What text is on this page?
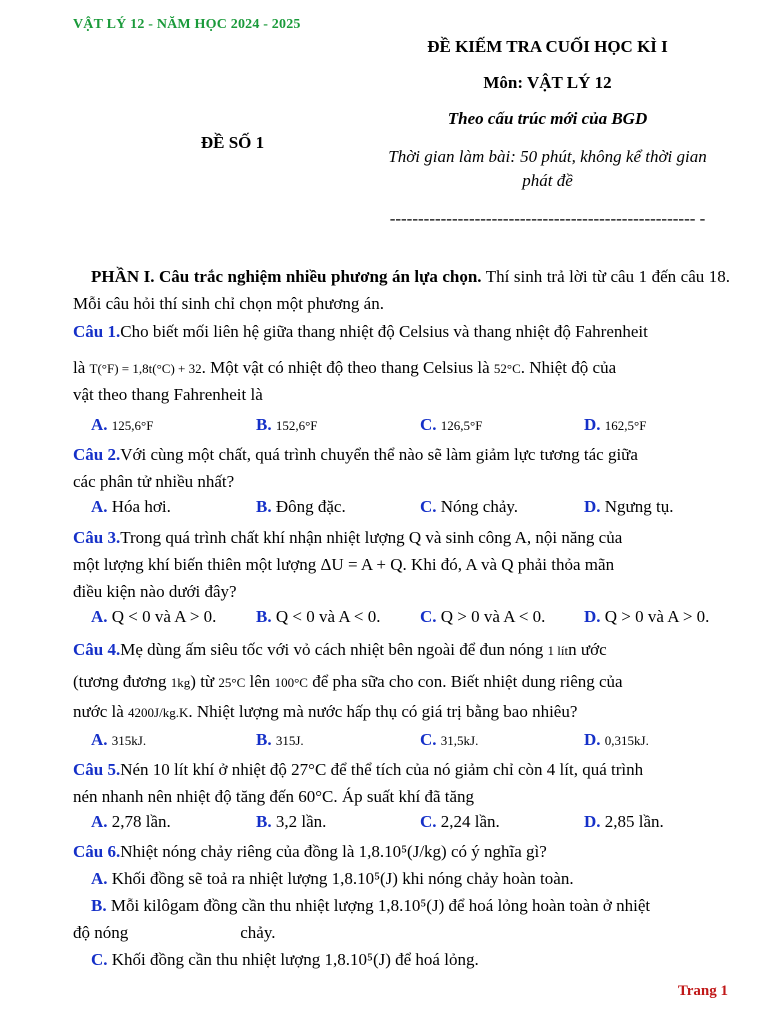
VẬT LÝ 12 - NĂM HỌC 2024 - 2025
ĐỀ KIẾM TRA CUỐI HỌC KÌ I
Môn: VẬT LÝ 12
Theo cấu trúc mới của BGD
Thời gian làm bài: 50 phút, không kể thời gian phát đề
------------------------------------------------------ -
ĐỀ SỐ 1
PHẦN I. Câu trắc nghiệm nhiều phương án lựa chọn. Thí sinh trả lời từ câu 1 đến câu 18. Mỗi câu hỏi thí sinh chỉ chọn một phương án.
Câu 1.Cho biết mối liên hệ giữa thang nhiệt độ Celsius và thang nhiệt độ Fahrenheit
là T(°F) = 1,8t(°C) + 32. Một vật có nhiệt độ theo thang Celsius là 52°C. Nhiệt độ của
vật theo thang Fahrenheit là
A. 125,6°F	B. 152,6°F	C. 126,5°F	D. 162,5°F
Câu 2.Với cùng một chất, quá trình chuyển thể nào sẽ làm giảm lực tương tác giữa
các phân tử nhiều nhất?
A. Hóa hơi.	B. Đông đặc.	C. Nóng chảy.	D. Ngưng tụ.
Câu 3.Trong quá trình chất khí nhận nhiệt lượng Q và sinh công A, nội năng của
một lượng khí biến thiên một lượng ΔU = A + Q. Khi đó, A và Q phải thỏa mãn
điều kiện nào dưới đây?
A. Q < 0 và A > 0. B. Q < 0 và A < 0. C. Q > 0 và A < 0. D. Q > 0 và A > 0.
Câu 4.Mẹ dùng ấm siêu tốc với vỏ cách nhiệt bên ngoài để đun nóng 1 lítn ước
(tương đương 1kg) từ 25°C lên 100°C để pha sữa cho con. Biết nhiệt dung riêng của
nước là 4200J/kg.K. Nhiệt lượng mà nước hấp thụ có giá trị bằng bao nhiêu?
A. 315kJ.	B. 315J.	C. 31,5kJ.	D. 0,315kJ.
Câu 5.Nén 10 lít khí ở nhiệt độ 27°C để thể tích của nó giảm chỉ còn 4 lít, quá trình
nén nhanh nên nhiệt độ tăng đến 60°C. Áp suất khí đã tăng
A. 2,78 lần.	B. 3,2 lần.	C. 2,24 lần.	D. 2,85 lần.
Câu 6.Nhiệt nóng chảy riêng của đồng là 1,8.10⁵(J/kg) có ý nghĩa gì?
A. Khối đồng sẽ toả ra nhiệt lượng 1,8.10⁵(J) khi nóng chảy hoàn toàn.
B. Mỗi kilôgam đồng cần thu nhiệt lượng 1,8.10⁵(J) để hoá lỏng hoàn toàn ở nhiệt
độ nóng	chảy.
C. Khối đồng cần thu nhiệt lượng 1,8.10⁵(J) để hoá lỏng.
Trang 1
